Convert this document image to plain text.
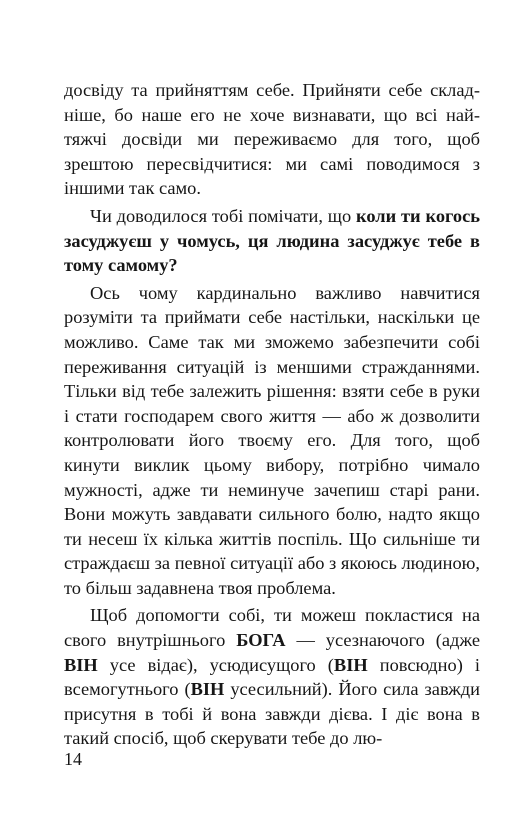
досвіду та прийняттям себе. Прийняти себе складніше, бо наше его не хоче визнавати, що всі найтяжчі досвіди ми переживаємо для того, щоб зрештою пересвідчитися: ми самі поводимося з іншими так само.

Чи доводилося тобі помічати, що коли ти когось засуджуєш у чомусь, ця людина засуджує тебе в тому самому?

Ось чому кардинально важливо навчитися розуміти та приймати себе настільки, наскільки це можливо. Саме так ми зможемо забезпечити собі переживання ситуацій із меншими стражданнями. Тільки від тебе залежить рішення: взяти себе в руки і стати господарем свого життя — або ж дозволити контролювати його твоєму его. Для того, щоб кинути виклик цьому вибору, потрібно чимало мужності, адже ти неминуче зачепиш старі рани. Вони можуть завдавати сильного болю, надто якщо ти несеш їх кілька життів поспіль. Що сильніше ти страждаєш за певної ситуації або з якоюсь людиною, то більш задавнена твоя проблема.

Щоб допомогти собі, ти можеш покластися на свого внутрішнього БОГА — усезнаючого (адже ВІН усе відає), усюдисущого (ВІН повсюдно) і всемогутнього (ВІН усесильний). Його сила завжди присутня в тобі й вона завжди дієва. І діє вона в такий спосіб, щоб скерувати тебе до лю-

14
